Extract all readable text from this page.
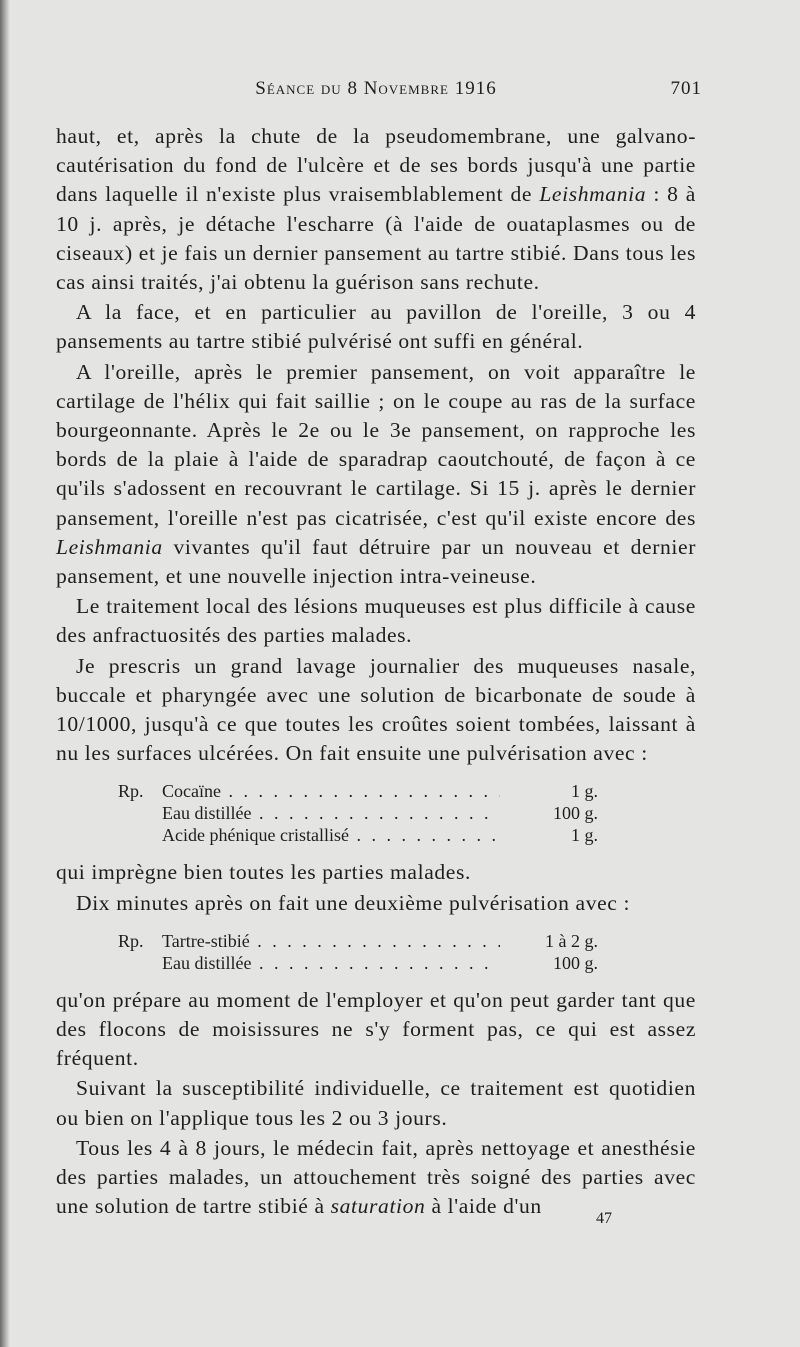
Séance du 8 Novembre 1916	701

haut, et, après la chute de la pseudomembrane, une galvano-cautérisation du fond de l'ulcère et de ses bords jusqu'à une partie dans laquelle il n'existe plus vraisemblablement de Leishmania : 8 à 10 j. après, je détache l'escharre (à l'aide de ouataplasmes ou de ciseaux) et je fais un dernier pansement au tartre stibié. Dans tous les cas ainsi traités, j'ai obtenu la guérison sans rechute.

A la face, et en particulier au pavillon de l'oreille, 3 ou 4 pansements au tartre stibié pulvérisé ont suffi en général.

A l'oreille, après le premier pansement, on voit apparaître le cartilage de l'hélix qui fait saillie ; on le coupe au ras de la surface bourgeonnante. Après le 2e ou le 3e pansement, on rapproche les bords de la plaie à l'aide de sparadrap caoutchouté, de façon à ce qu'ils s'adossent en recouvrant le cartilage. Si 15 j. après le dernier pansement, l'oreille n'est pas cicatrisée, c'est qu'il existe encore des Leishmania vivantes qu'il faut détruire par un nouveau et dernier pansement, et une nouvelle injection intra-veineuse.

Le traitement local des lésions muqueuses est plus difficile à cause des anfractuosités des parties malades.

Je prescris un grand lavage journalier des muqueuses nasale, buccale et pharyngée avec une solution de bicarbonate de soude à 10/1000, jusqu'à ce que toutes les croûtes soient tombées, laissant à nu les surfaces ulcérées. On fait ensuite une pulvérisation avec :

Rp.	Cocaïne . . .	1 g.
Eau distillée . . .	100 g.
Acide phénique cristallisé . . .	1 g.

qui imprègne bien toutes les parties malades.

Dix minutes après on fait une deuxième pulvérisation avec :

Rp.	Tartre-stibié . . .	1 à 2 g.
Eau distillée . . .	100 g.

qu'on prépare au moment de l'employer et qu'on peut garder tant que des flocons de moisissures ne s'y forment pas, ce qui est assez fréquent.

Suivant la susceptibilité individuelle, ce traitement est quotidien ou bien on l'applique tous les 2 ou 3 jours.

Tous les 4 à 8 jours, le médecin fait, après nettoyage et anesthésie des parties malades, un attouchement très soigné des parties avec une solution de tartre stibié à saturation à l'aide d'un

47
